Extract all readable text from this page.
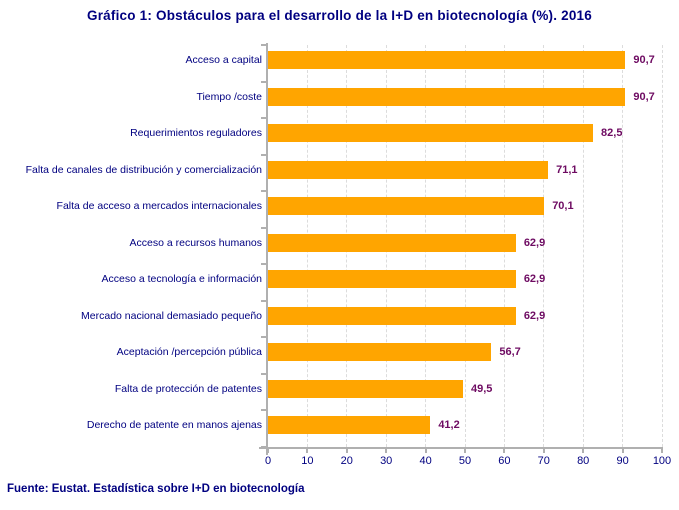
Gráfico 1: Obstáculos para el desarrollo de la I+D en biotecnología (%). 2016
0	10	20	30	40	50	60	70	80	90	100
Acceso a capital	90,7
Tiempo /coste	90,7
Requerimientos reguladores	82,5
Falta de canales de distribución y comercialización	71,1
Falta de acceso a mercados internacionales	70,1
Acceso a recursos humanos	62,9
Acceso a tecnología e información	62,9
Mercado nacional demasiado pequeño	62,9
Aceptación /percepción pública	56,7
Falta de protección de patentes	49,5
Derecho de patente en manos ajenas	41,2
Fuente: Eustat. Estadística sobre I+D en biotecnología
